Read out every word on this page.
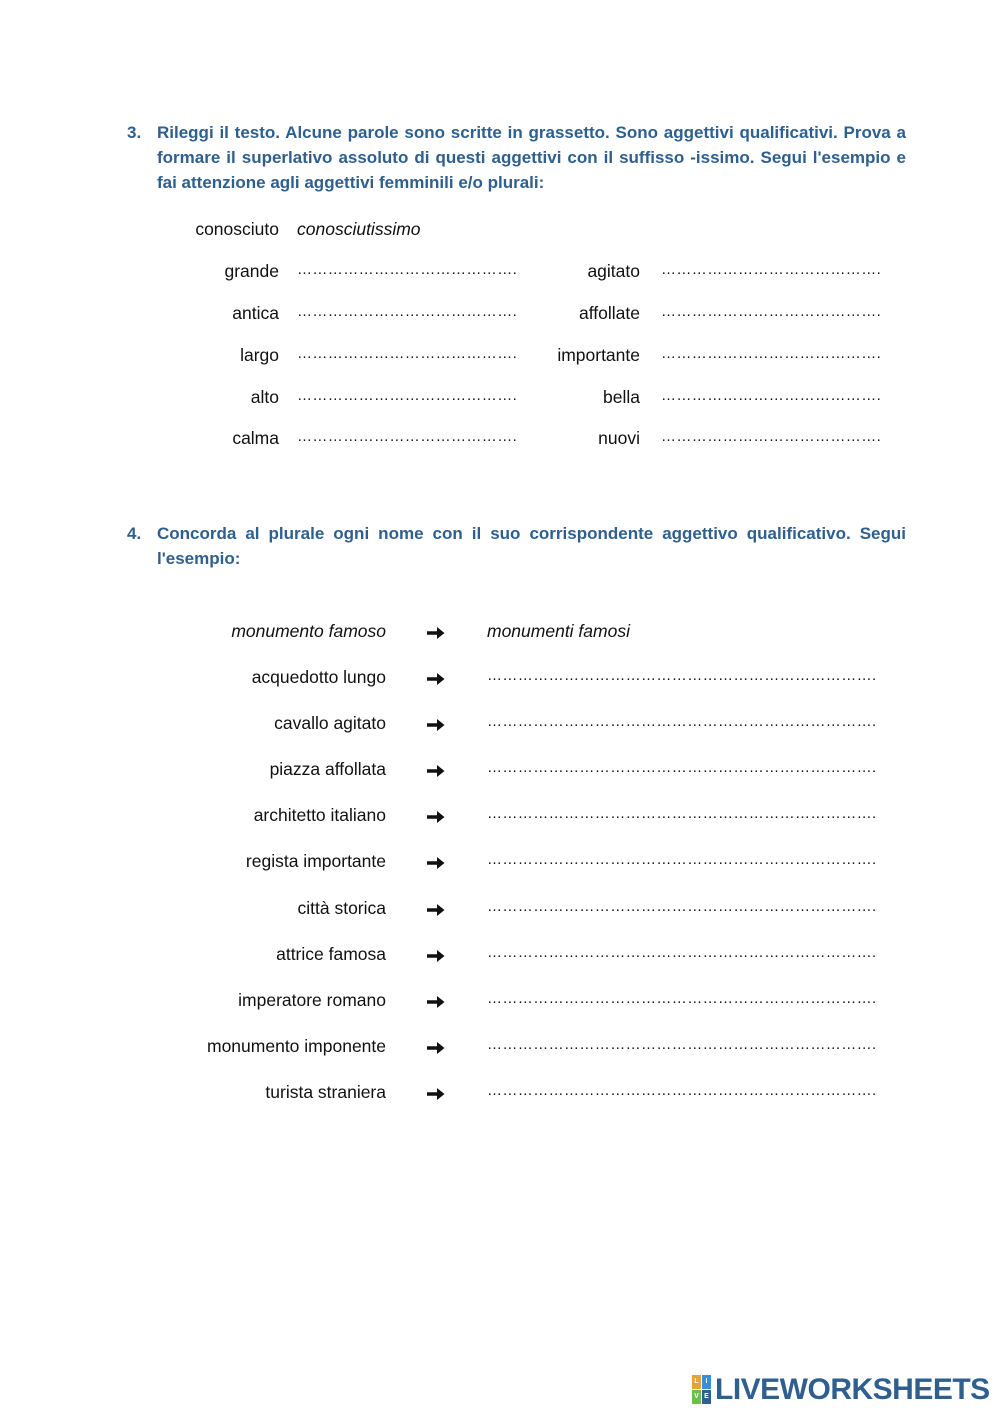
3. Rileggi il testo. Alcune parole sono scritte in grassetto. Sono aggettivi qualificativi. Prova a formare il superlativo assoluto di questi aggettivi con il suffisso -issimo. Segui l'esempio e fai attenzione agli aggettivi femminili e/o plurali:
conosciuto conosciutissimo
grande …………………………………….	agitato …………………………………….
antica …………………………………….	affollate …………………………………….
largo ……………………………………. importante …………………………………….
alto …………………………………….	bella …………………………………….
calma …………………………………….	nuovi …………………………………….
4. Concorda al plurale ogni nome con il suo corrispondente aggettivo qualificativo. Segui l'esempio:
monumento famoso	monumenti famosi
acquedotto lungo	………………………………………………………………….
cavallo agitato	………………………………………………………………….
piazza affollata	………………………………………………………………….
architetto italiano	………………………………………………………………….
regista importante	………………………………………………………………….
città storica	………………………………………………………………….
attrice famosa	………………………………………………………………….
imperatore romano	………………………………………………………………….
monumento imponente	………………………………………………………………….
turista straniera	………………………………………………………………….
L I
V E LIVEWORKSHEETS
